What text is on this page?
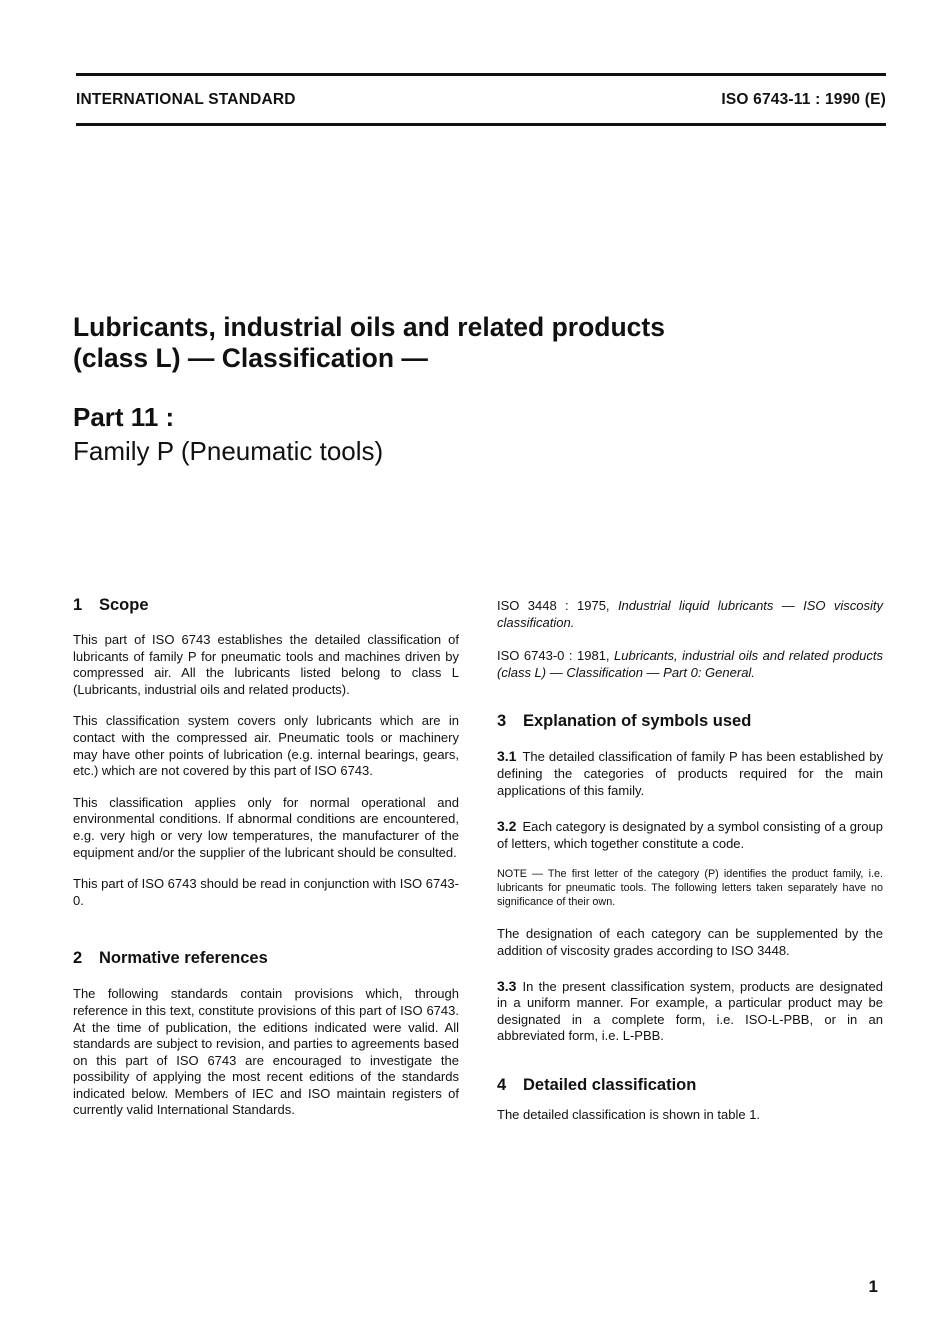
INTERNATIONAL STANDARD	ISO 6743-11 : 1990 (E)
Lubricants, industrial oils and related products
(class L) — Classification —
Part 11 :
Family P (Pneumatic tools)
1 Scope

This part of ISO 6743 establishes the detailed classification of lubricants of family P for pneumatic tools and machines driven by compressed air. All the lubricants listed belong to class L (Lubricants, industrial oils and related products).

This classification system covers only lubricants which are in contact with the compressed air. Pneumatic tools or machinery may have other points of lubrication (e.g. internal bearings, gears, etc.) which are not covered by this part of ISO 6743.

This classification applies only for normal operational and environmental conditions. If abnormal conditions are encountered, e.g. very high or very low temperatures, the manufacturer of the equipment and/or the supplier of the lubricant should be consulted.

This part of ISO 6743 should be read in conjunction with ISO 6743-0.

2 Normative references

The following standards contain provisions which, through reference in this text, constitute provisions of this part of ISO 6743. At the time of publication, the editions indicated were valid. All standards are subject to revision, and parties to agreements based on this part of ISO 6743 are encouraged to investigate the possibility of applying the most recent editions of the standards indicated below. Members of IEC and ISO maintain registers of currently valid International Standards.

ISO 3448 : 1975, Industrial liquid lubricants — ISO viscosity classification.

ISO 6743-0 : 1981, Lubricants, industrial oils and related products (class L) — Classification — Part 0: General.

3 Explanation of symbols used

3.1 The detailed classification of family P has been established by defining the categories of products required for the main applications of this family.

3.2 Each category is designated by a symbol consisting of a group of letters, which together constitute a code.

NOTE — The first letter of the category (P) identifies the product family, i.e. lubricants for pneumatic tools. The following letters taken separately have no significance of their own.

The designation of each category can be supplemented by the addition of viscosity grades according to ISO 3448.

3.3 In the present classification system, products are designated in a uniform manner. For example, a particular product may be designated in a complete form, i.e. ISO-L-PBB, or in an abbreviated form, i.e. L-PBB.

4 Detailed classification

The detailed classification is shown in table 1.

1
